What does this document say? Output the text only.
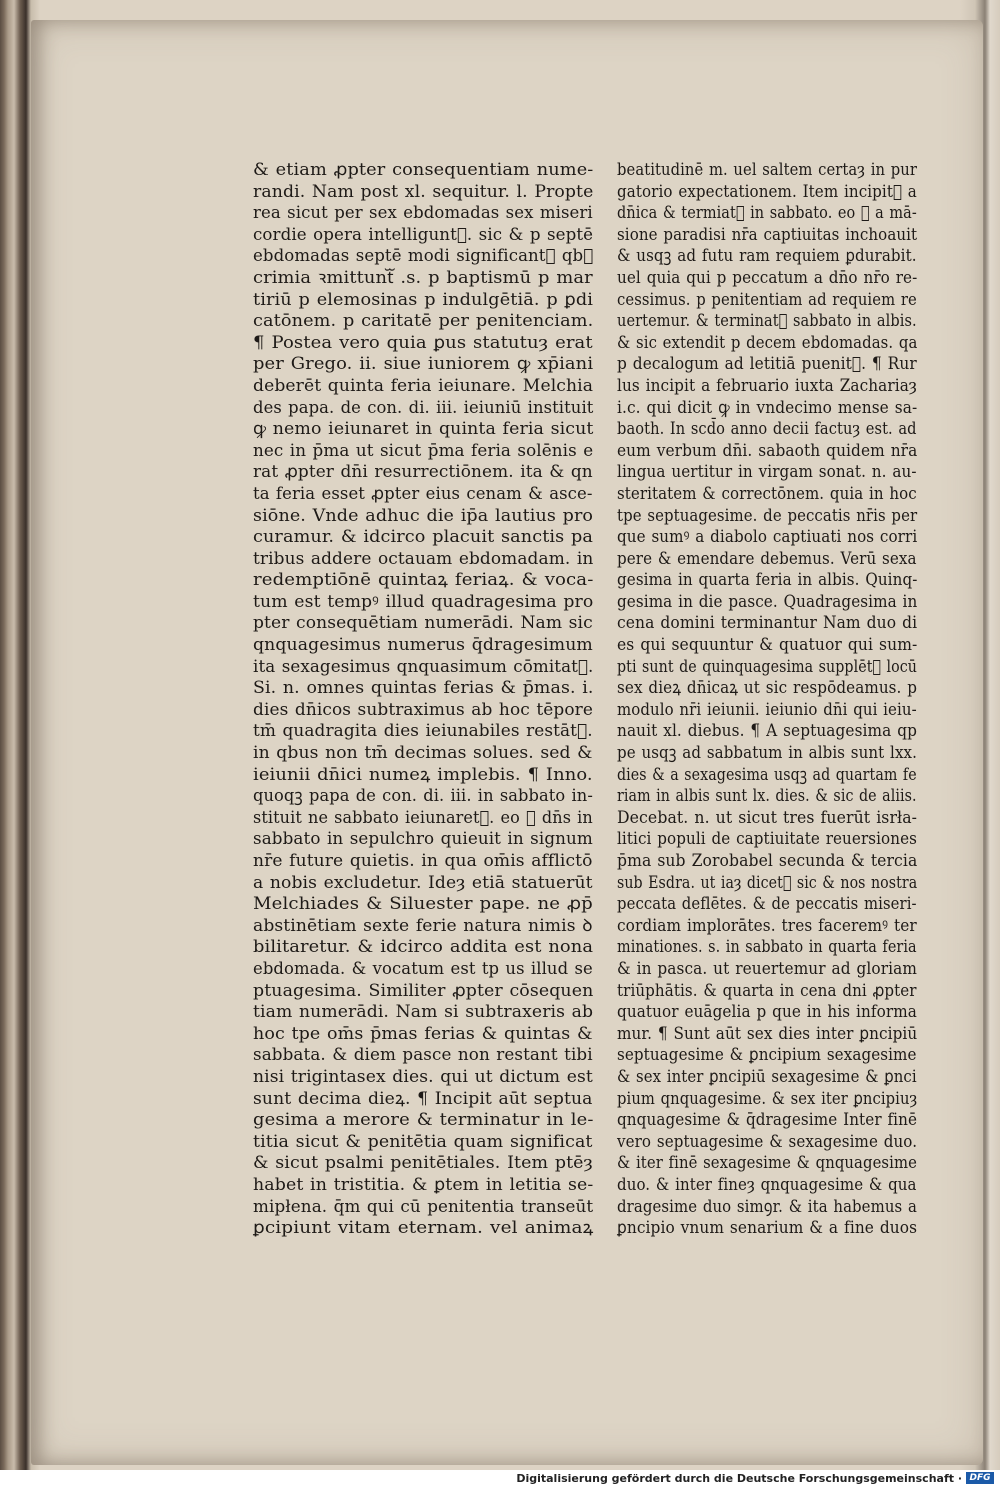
& etiam ꝓpter consequentiam nume-
randi. Nam post xl. sequitur. l. Propte
rea sicut per sex ebdomadas sex miseri
cordie opera intelliguntᷓ. sic & p septē
ebdomadas septē modi significantᷓ qbꝰ
crimia ꝛmittuntᷓ .s. p baptismū p mar
tiriū p elemosinas p indulgētiā. p ꝑdi
catōnem. p caritatē per penitenciam.
¶ Postea vero quia ꝑus statutuȝ erat
per Grego. ii. siue iuniorem ꝙ xp̄iani
deberēt quinta feria ieiunare. Melchia
des papa. de con. di. iii. ieiuniū instituit
ꝙ nemo ieiunaret in quinta feria sicut
nec in p̄ma ut sicut p̄ma feria solēnis e
rat ꝓpter dn̄i resurrectiōnem. ita & qn
ta feria esset ꝓpter eius cenam & asce-
siōne. Vnde adhuc die ip̄a lautius pro
curamur. & idcirco placuit sanctis pa
tribus addere octauam ebdomadam. in
redemptiōnē quintaꝝ feriaꝝ. & voca-
tum est tempꝰ illud quadragesima pro
pter consequētiam numerādi. Nam sic
qnquagesimus numerus q̄dragesimum
ita sexagesimus qnquasimum cōmitatᷓ.
Si. n. omnes quintas ferias & p̄mas. i.
dies dn̄icos subtraximus ab hoc tēpore
tm̄ quadragita dies ieiunabiles restātᷓ.
in qbus non tm̄ decimas solues. sed &
ieiunii dn̄ici numeꝝ implebis. ¶ Inno.
quoqꝫ papa de con. di. iii. in sabbato in-
stituit ne sabbato ieiunaretᷓ. eo ꝙ dn̄s in
sabbato in sepulchro quieuit in signum
nr̄e future quietis. in qua om̄is afflictō
a nobis excludetur. Ideȝ etiā statuerūt
Melchiades & Siluester pape. ne ꝓp̄
abstinētiam sexte ferie natura nimis ꝺ
bilitaretur. & idcirco addita est nona
ebdomada. & vocatum est tp us illud se
ptuagesima. Similiter ꝓpter cōsequen
tiam numerādi. Nam si subtraxeris ab
hoc tpe om̄s p̄mas ferias & quintas &
sabbata. & diem pasce non restant tibi
nisi trigintasex dies. qui ut dictum est
sunt decima dieꝝ. ¶ Incipit aūt septua
gesima a merore & terminatur in le-
titia sicut & penitētia quam significat
& sicut psalmi penitētiales. Item ptēȝ
habet in tristitia. & ꝑtem in letitia se-
mipłena. q̄m qui cū penitentia transeūt
ꝑcipiunt vitam eternam. vel animaꝝ
beatitudinē m. uel saltem certaȝ in pur
gatorio expectationem. Item incipitᷓ a
dn̄ica & termiatᷓ in sabbato. eo ꝙ a mā-
sione paradisi nr̄a captiuitas inchoauit
& usqꝫ ad futu ram requiem ꝑdurabit.
uel quia qui p peccatum a dn̄o nr̄o re-
cessimus. p penitentiam ad requiem re
uertemur. & terminatᷓ sabbato in albis.
& sic extendit p decem ebdomadas. qa
p decalogum ad letitiā puenitᷓ. ¶ Rur
lus incipit a februario iuxta Zachariaȝ
i.c. qui dicit ꝙ in vndecimo mense sa-
baoth. In scd̄o anno decii factuȝ est. ad
eum verbum dn̄i. sabaoth quidem nr̄a
lingua uertitur in virgam sonat. n. au-
steritatem & correctōnem. quia in hoc
tpe septuagesime. de peccatis nr̄is per
que sumꝰ a diabolo captiuati nos corri
pere & emendare debemus. Verū sexa
gesima in quarta feria in albis. Quinq-
gesima in die pasce. Quadragesima in
cena domini terminantur Nam duo di
es qui sequuntur & quatuor qui sum-
pti sunt de quinquagesima supplētᷓ locū
sex dieꝝ dn̄icaꝝ ut sic respōdeamus. p
modulo nr̄i ieiunii. ieiunio dn̄i qui ieiu-
nauit xl. diebus. ¶ A septuagesima qp
pe usqꝫ ad sabbatum in albis sunt lxx.
dies & a sexagesima usqꝫ ad quartam fe
riam in albis sunt lx. dies. & sic de aliis.
Decebat. n. ut sicut tres fuerūt isrła-
litici populi de captiuitate reuersiones
p̄ma sub Zorobabel secunda & tercia
sub Esdra. ut iaȝ dicetᷓ sic & nos nostra
peccata deflētes. & de peccatis miseri-
cordiam implorātes. tres faceremꝰ ter
minationes. s. in sabbato in quarta feria
& in pasca. ut reuertemur ad gloriam
triūphātis. & quarta in cena dni ꝓpter
quatuor euāgelia p que in his informa
mur. ¶ Sunt aūt sex dies inter ꝑncipiū
septuagesime & ꝑncipium sexagesime
& sex inter ꝑncipiū sexagesime & ꝑnci
pium qnquagesime. & sex iter ꝑncipiuȝ
qnquagesime & q̄dragesime Inter finē
vero septuagesime & sexagesime duo.
& iter finē sexagesime & qnquagesime
duo. & inter fineȝ qnquagesime & qua
dragesime duo simꝯr. & ita habemus a
ꝑncipio vnum senarium & a fine duos
Digitalisierung gefördert durch die Deutsche Forschungsgemeinschaft · DFG
